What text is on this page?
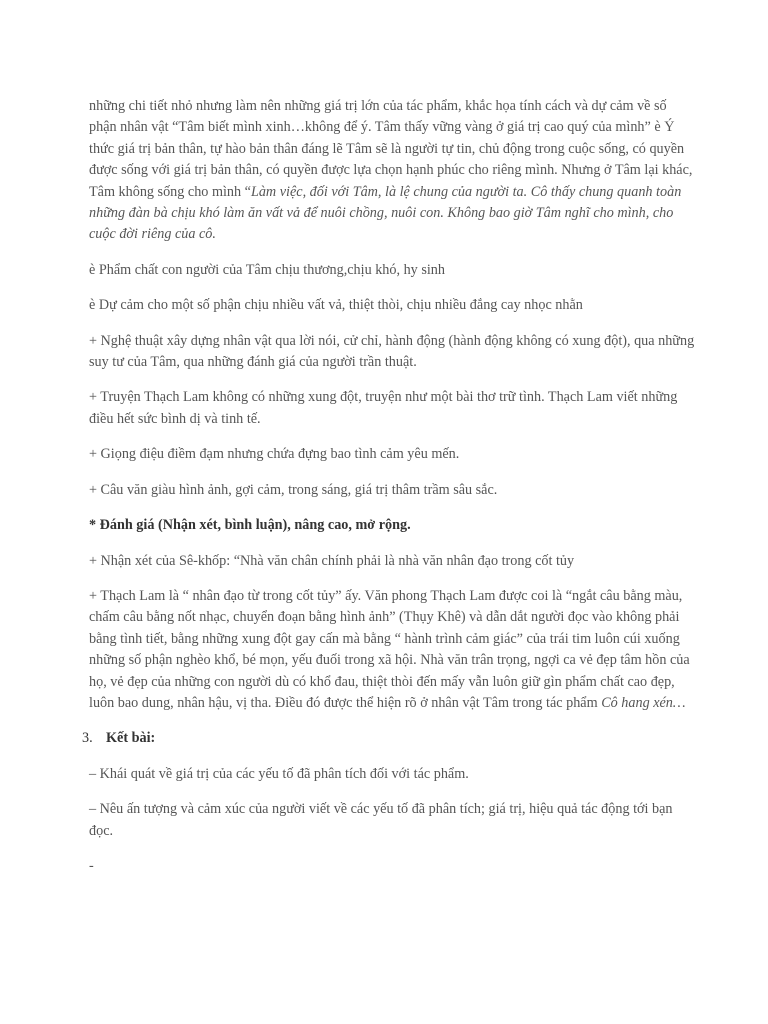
những chi tiết nhỏ nhưng làm nên những giá trị lớn của tác phẩm, khắc họa tính cách và dự cảm về số phận nhân vật “Tâm biết mình xinh…không để ý. Tâm thấy vững vàng ở giá trị cao quý của mình” è Ý thức giá trị bản thân, tự hào bản thân đáng lẽ Tâm sẽ là người tự tin, chủ động trong cuộc sống, có quyền được sống với giá trị bản thân, có quyền được lựa chọn hạnh phúc cho riêng mình. Nhưng ở Tâm lại khác, Tâm không sống cho mình “Làm việc, đối với Tâm, là lệ chung của người ta. Cô thấy chung quanh toàn những đàn bà chịu khó làm ăn vất vả để nuôi chồng, nuôi con. Không bao giờ Tâm nghĩ cho mình, cho cuộc đời riêng của cô.

è Phẩm chất con người của Tâm chịu thương,chịu khó, hy sinh

è Dự cảm cho một số phận chịu nhiều vất vả, thiệt thòi, chịu nhiều đắng cay nhọc nhằn

+ Nghệ thuật xây dựng nhân vật qua lời nói, cử chỉ, hành động (hành động không có xung đột), qua những suy tư của Tâm, qua những đánh giá của người trần thuật.

+ Truyện Thạch Lam không có những xung đột, truyện như một bài thơ trữ tình. Thạch Lam viết những điều hết sức bình dị và tinh tế.

+ Giọng điệu điềm đạm nhưng chứa đựng bao tình cảm yêu mến.

+ Câu văn giàu hình ảnh, gợi cảm, trong sáng, giá trị thâm trầm sâu sắc.

* Đánh giá (Nhận xét, bình luận), nâng cao, mở rộng.

+ Nhận xét của Sê-khốp: “Nhà văn chân chính phải là nhà văn nhân đạo trong cốt tủy

+ Thạch Lam là “ nhân đạo từ trong cốt tủy” ấy. Văn phong Thạch Lam được coi là “ngắt câu bằng màu, chấm câu bằng nốt nhạc, chuyển đoạn bằng hình ảnh” (Thụy Khê) và dẫn dắt người đọc vào không phải bằng tình tiết, bằng những xung đột gay cấn mà bằng “ hành trình cảm giác” của trái tim luôn cúi xuống những số phận nghèo khổ, bé mọn, yếu đuối trong xã hội. Nhà văn trân trọng, ngợi ca vẻ đẹp tâm hồn của họ, vẻ đẹp của những con người dù có khổ đau, thiệt thòi đến mấy vẫn luôn giữ gìn phẩm chất cao đẹp, luôn bao dung, nhân hậu, vị tha. Điều đó được thể hiện rõ ở nhân vật Tâm trong tác phẩm Cô hang xén…

3. Kết bài:

– Khái quát về giá trị của các yếu tố đã phân tích đối với tác phẩm.

– Nêu ấn tượng và cảm xúc của người viết về các yếu tố đã phân tích; giá trị, hiệu quả tác động tới bạn đọc.

-
